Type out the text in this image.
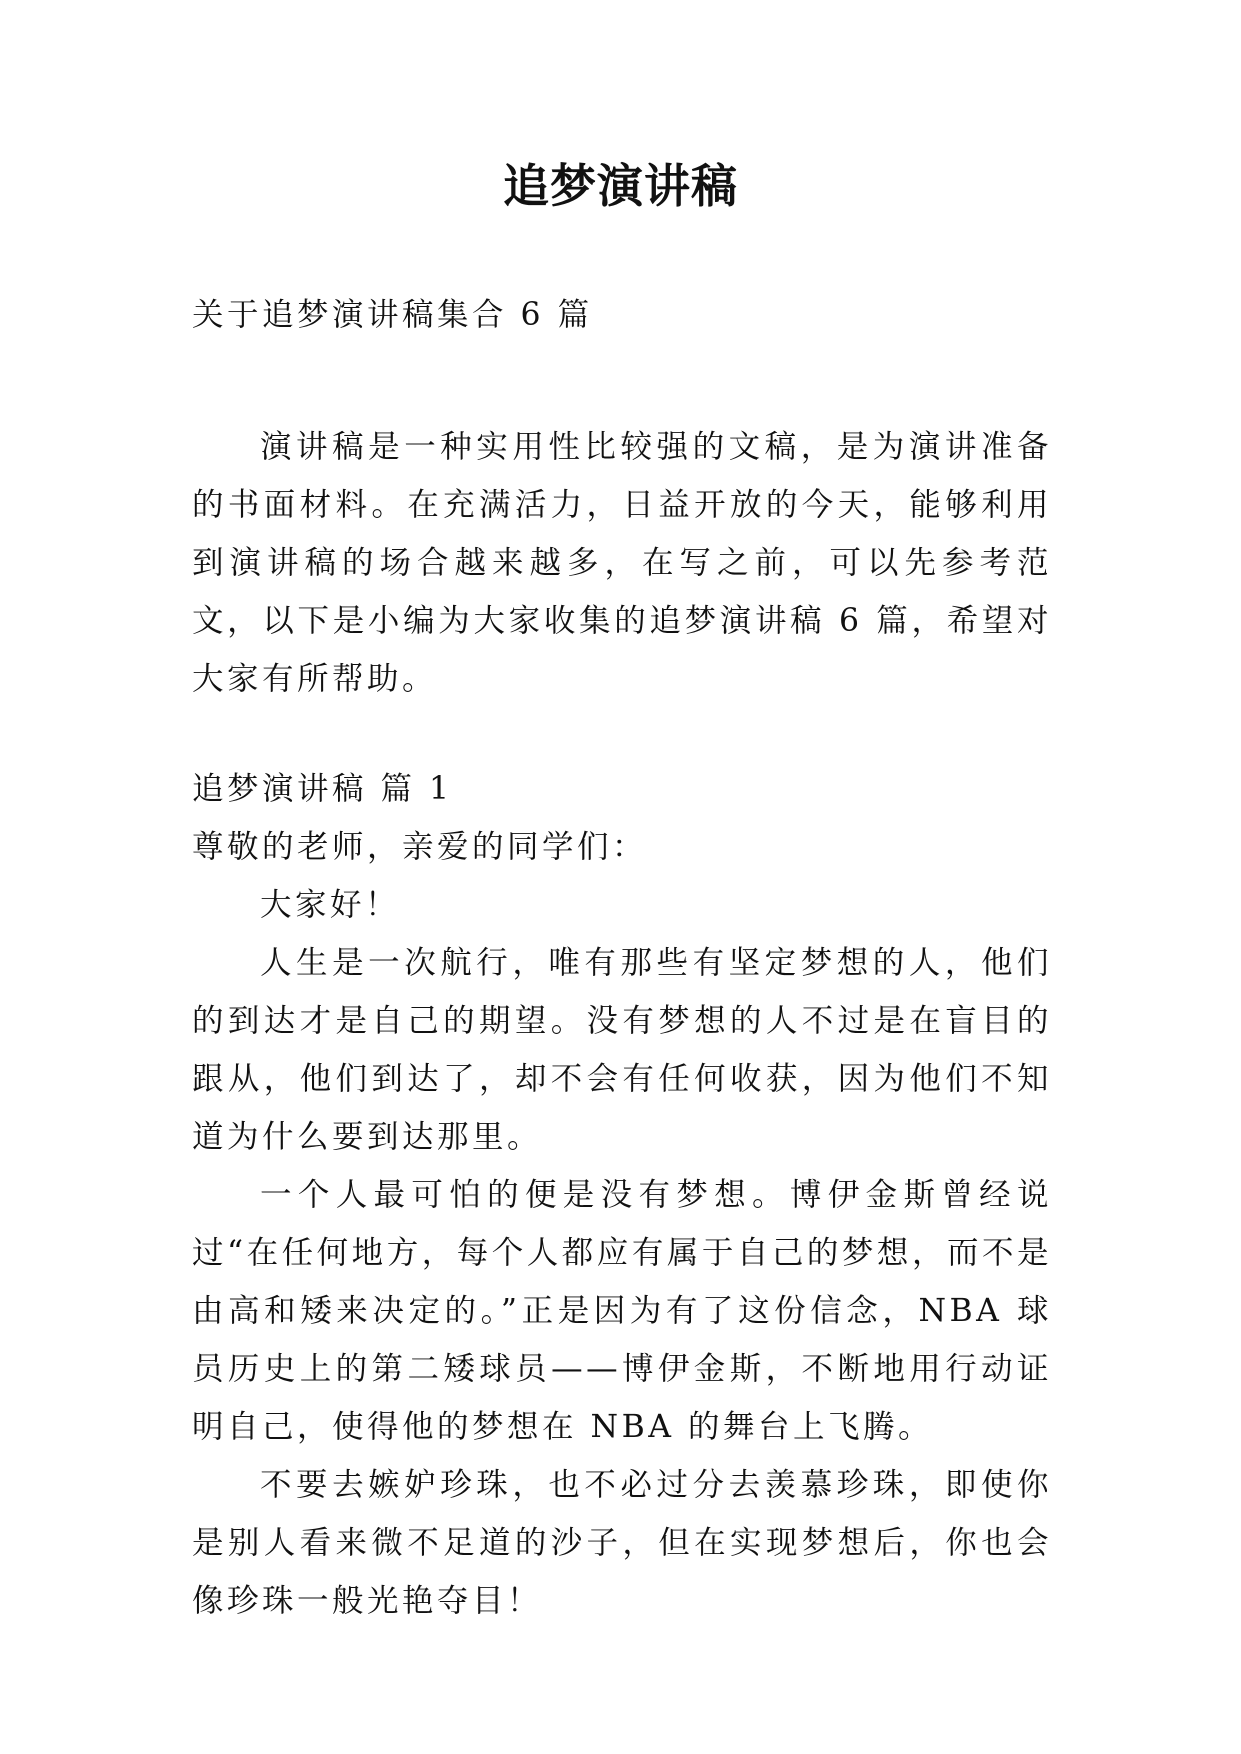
追梦演讲稿

关于追梦演讲稿集合 6 篇

演讲稿是一种实用性比较强的文稿，是为演讲准备的书面材料。在充满活力，日益开放的今天，能够利用到演讲稿的场合越来越多，在写之前，可以先参考范文，以下是小编为大家收集的追梦演讲稿 6 篇，希望对大家有所帮助。

追梦演讲稿 篇 1

尊敬的老师，亲爱的同学们：

大家好！

人生是一次航行，唯有那些有坚定梦想的人，他们的到达才是自己的期望。没有梦想的人不过是在盲目的跟从，他们到达了，却不会有任何收获，因为他们不知道为什么要到达那里。

一个人最可怕的便是没有梦想。博伊金斯曾经说过“在任何地方，每个人都应有属于自己的梦想，而不是由高和矮来决定的。”正是因为有了这份信念，NBA 球员历史上的第二矮球员——博伊金斯，不断地用行动证明自己，使得他的梦想在 NBA 的舞台上飞腾。

不要去嫉妒珍珠，也不必过分去羡慕珍珠，即使你是别人看来微不足道的沙子，但在实现梦想后，你也会像珍珠一般光艳夺目！
